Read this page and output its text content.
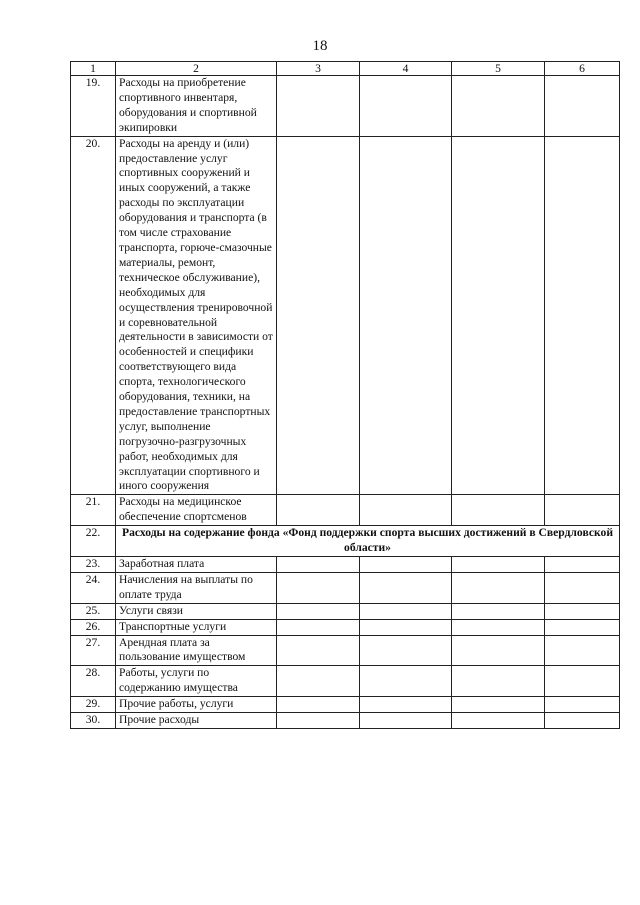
18
1	2	3	4	5	6
19.	Расходы на приобретение спортивного инвентаря, оборудования и спортивной экипировки				
20.	Расходы на аренду и (или) предоставление услуг спортивных сооружений и иных сооружений, а также расходы по эксплуатации оборудования и транспорта (в том числе страхование транспорта, горюче-смазочные материалы, ремонт, техническое обслуживание), необходимых для осуществления тренировочной и соревновательной деятельности в зависимости от особенностей и специфики соответствующего вида спорта, технологического оборудования, техники, на предоставление транспортных услуг, выполнение погрузочно-разгрузочных работ, необходимых для эксплуатации спортивного и иного сооружения				
21.	Расходы на медицинское обеспечение спортсменов				
22.	Расходы на содержание фонда «Фонд поддержки спорта высших достижений в Свердловской области»				
23.	Заработная плата				
24.	Начисления на выплаты по оплате труда				
25.	Услуги связи				
26.	Транспортные услуги				
27.	Арендная плата за пользование имуществом				
28.	Работы, услуги по содержанию имущества				
29.	Прочие работы, услуги				
30.	Прочие расходы				
